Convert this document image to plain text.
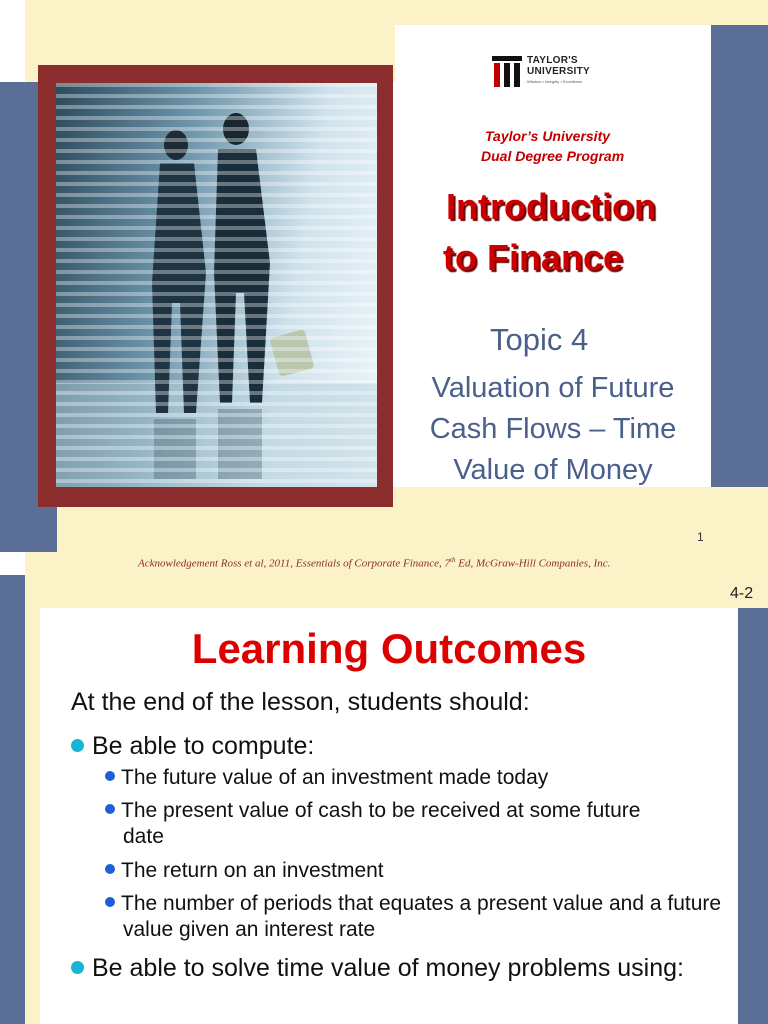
TAYLOR'S
UNIVERSITY
Wisdom • Integrity • Excellence
Taylor’s University
Dual Degree Program
Introduction
to Finance
Topic 4
Valuation of Future
Cash Flows – Time
Value of Money
1
Acknowledgement Ross et al, 2011, Essentials of Corporate Finance, 7th Ed, McGraw-Hill Companies, Inc.
4-2
Learning Outcomes
At the end of the lesson, students should:
Be able to compute:
The future value of an investment made today
The present value of cash to be received at some future date
The return on an investment
The number of periods that equates a present value and a future value given an interest rate
Be able to solve time value of money problems using:
